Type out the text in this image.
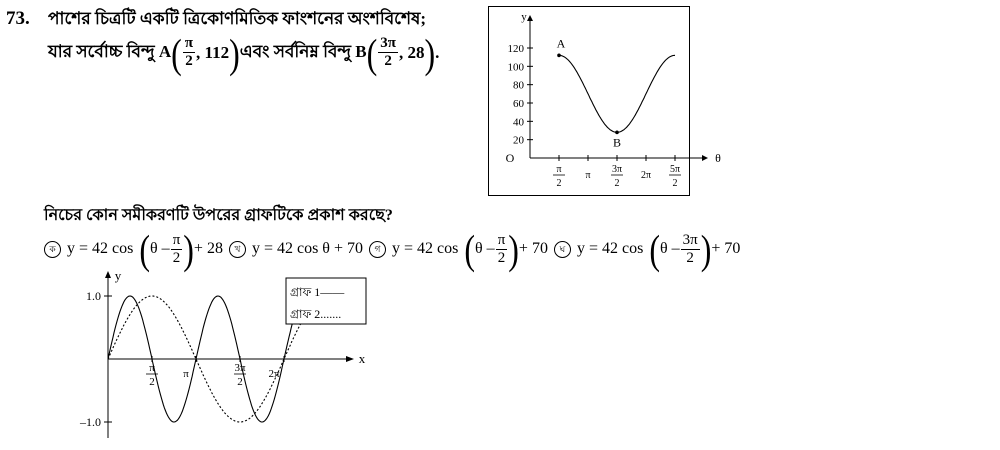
73. পাশের চিত্রটি একটি ত্রিকোণমিতিক ফাংশনের অংশবিশেষ;
যার সর্বোচ্চ বিন্দু A ( $\frac{\pi}{2}$ , 112 ) এবং সর্বনিম্ন বিন্দু B ( $\frac{3\pi}{2}$ , 28 ) .
y
θ
O
120
100
80
60
40
20
π
2
π
3π
2
2π
5π
2
A
B
নিচের কোন সমীকরণটি উপরের গ্রাফটিকে প্রকাশ করছে?
ক y = 42 cos ( θ – $\frac{\pi}{2}$ ) + 28	খ y = 42 cos θ + 70	গ y = 42 cos ( θ – $\frac{\pi}{2}$ ) + 70	ঘ y = 42 cos ( θ – $\frac{3\pi}{2}$ ) + 70
x
y
1.0
–1.0
π
2
π	3π
2
2π
গ্রাফ 1——
গ্রাফ 2.......
